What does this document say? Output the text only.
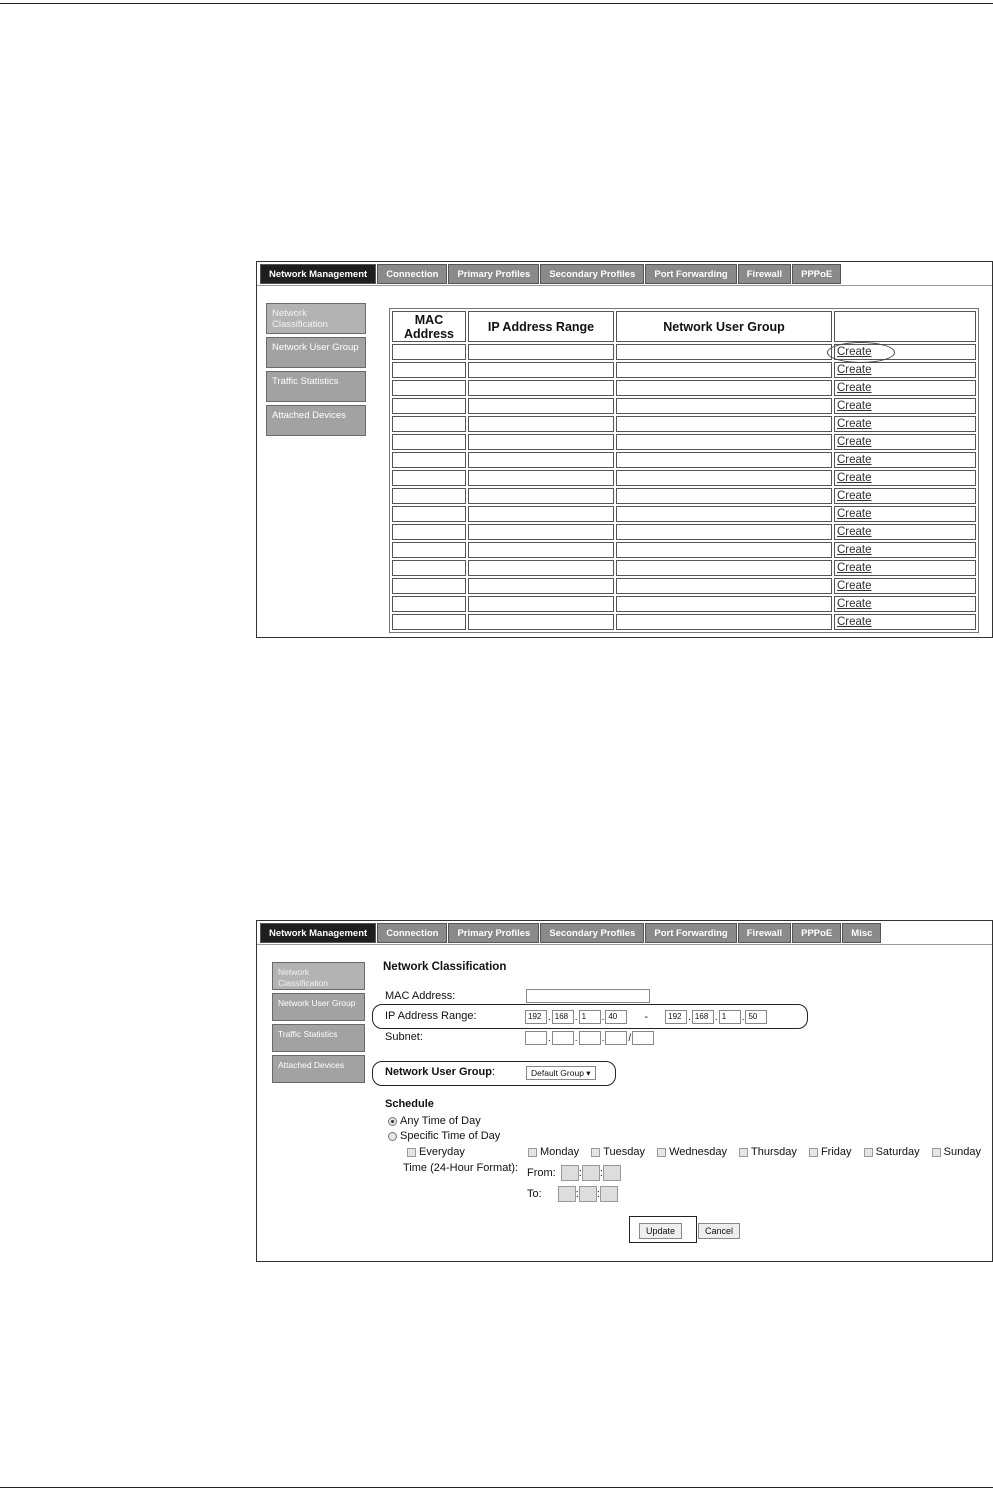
Network Management	Connection	Primary Profiles	Secondary Profiles	Port Forwarding	Firewall	PPPoE
Network Classification
Network User Group
Traffic Statistics
Attached Devices
MAC Address	IP Address Range	Network User Group	
			Create
			Create
			Create
			Create
			Create
			Create
			Create
			Create
			Create
			Create
			Create
			Create
			Create
			Create
			Create
			Create
Network Management	Connection	Primary Profiles	Secondary Profiles	Port Forwarding	Firewall	PPPoE	Misc
Network Classification
Network User Group
Traffic Statistics
Attached Devices
Network Classification
MAC Address:
IP Address Range:	192 . 168 . 1 . 40 -	192 . 168 . 1 . 50
Subnet:	. . . /
Network User Group:	Default Group ▾
Schedule
Any Time of Day
Specific Time of Day
Everyday	Monday Tuesday Wednesday Thursday Friday Saturday Sunday
Time (24-Hour Format): From: : :
To:	: :
Update	Cancel
